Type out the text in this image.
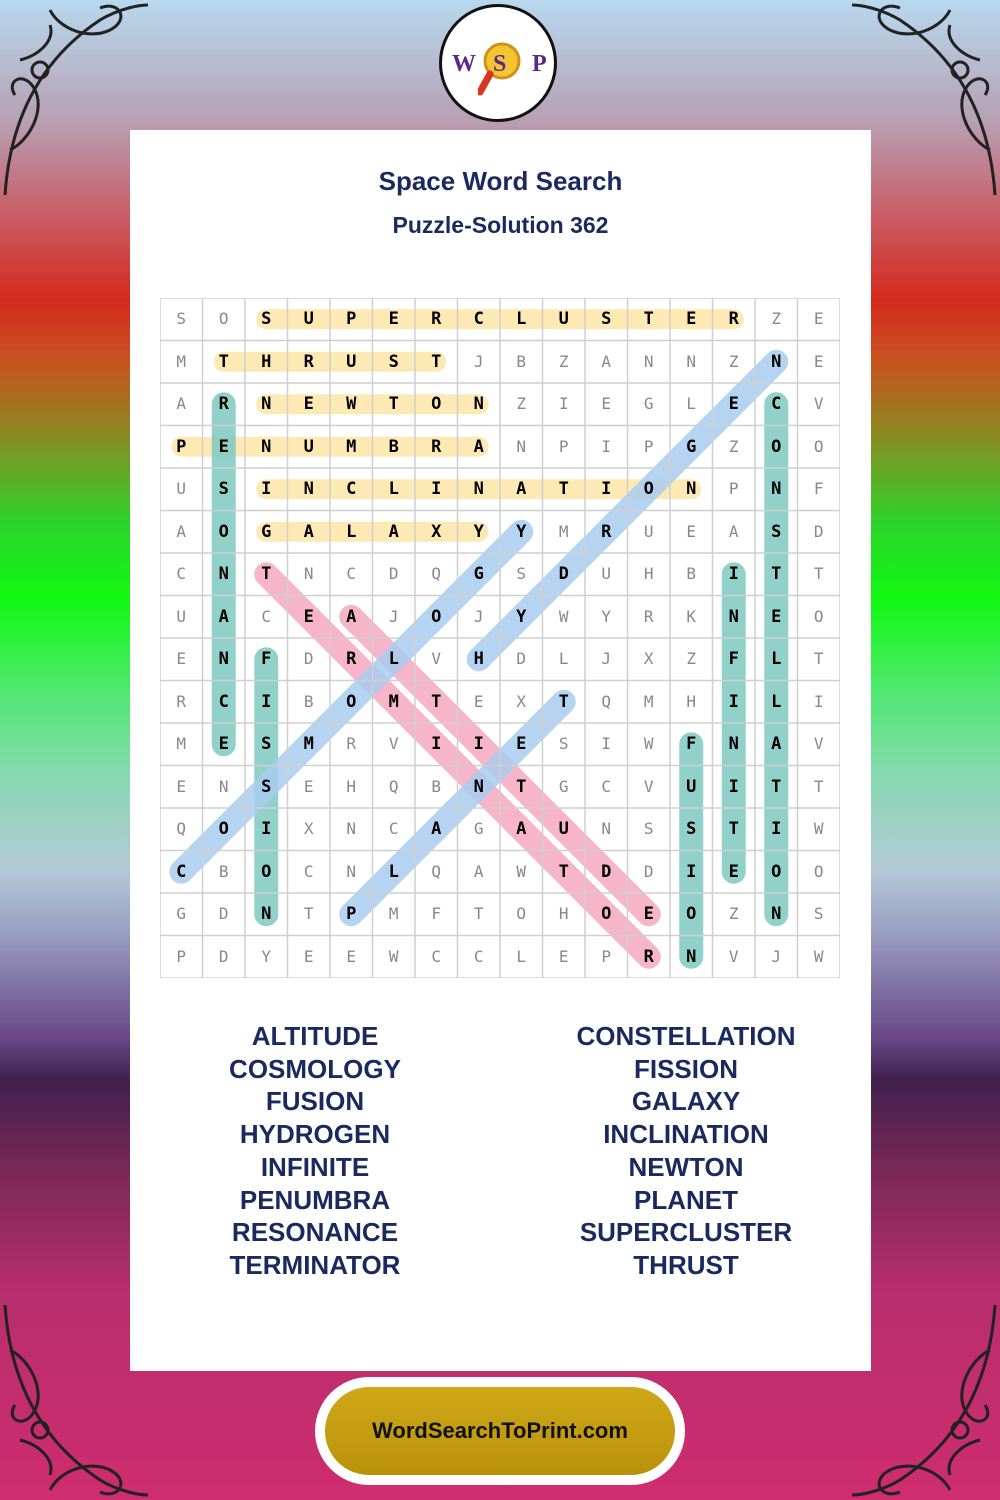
W S P
Space Word Search
Puzzle-Solution 362
S	O	S	U	P	E	R	C	L	U	S	T	E	R	Z	E
M	T	H	R	U	S	T	J	B	Z	A	N	N	Z	N	E
A	R	N	E	W	T	O	N	Z	I	E	G	L	E	C	V
P	E	N	U	M	B	R	A	N	P	I	P	G	Z	O	O
U	S	I	N	C	L	I	N	A	T	I	O	N	P	N	F
A	O	G	A	L	A	X	Y	Y	M	R	U	E	A	S	D
C	N	T	N	C	D	Q	G	S	D	U	H	B	I	T	T
U	A	C	E	A	J	O	J	Y	W	Y	R	K	N	E	O
E	N	F	D	R	L	V	H	D	L	J	X	Z	F	L	T
R	C	I	B	O	M	T	E	X	T	Q	M	H	I	L	I
M	E	S	M	R	V	I	I	E	S	I	W	F	N	A	V
E	N	S	E	H	Q	B	N	T	G	C	V	U	I	T	T
Q	O	I	X	N	C	A	G	A	U	N	S	S	T	I	W
C	B	O	C	N	L	Q	A	W	T	D	D	I	E	O	O
G	D	N	T	P	M	F	T	O	H	O	E	O	Z	N	S
P	D	Y	E	E	W	C	C	L	E	P	R	N	V	J	W
ALTITUDE
COSMOLOGY
FUSION
HYDROGEN
INFINITE
PENUMBRA
RESONANCE
TERMINATOR
CONSTELLATION
FISSION
GALAXY
INCLINATION
NEWTON
PLANET
SUPERCLUSTER
THRUST
WordSearchToPrint.com
